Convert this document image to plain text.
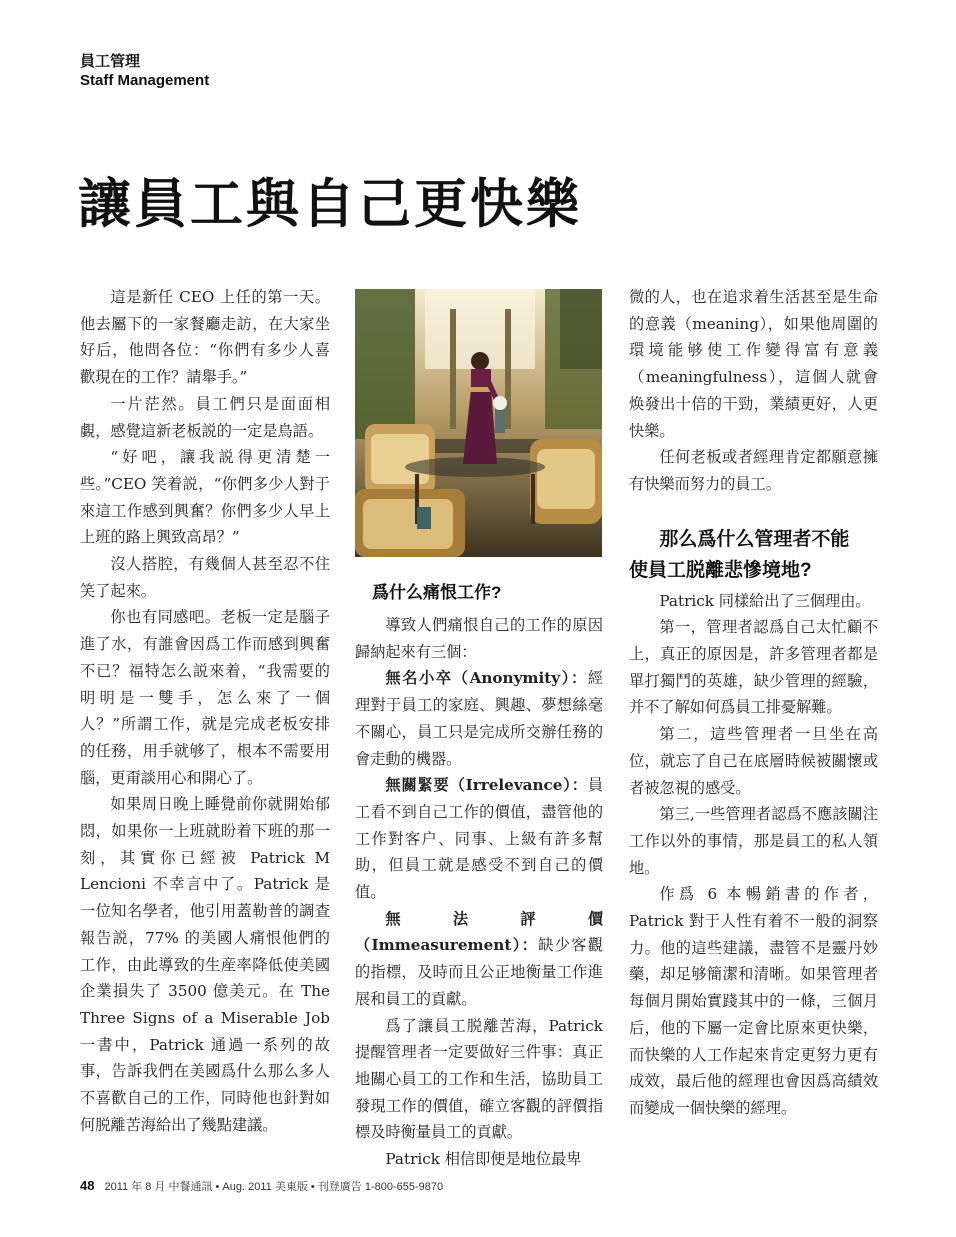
員工管理
Staff Management
讓員工與自己更快樂

這是新任 CEO 上任的第一天。他去屬下的一家餐廳走訪，在大家坐好后，他問各位：“你們有多少人喜歡現在的工作？請舉手。”

一片茫然。員工們只是面面相覷，感覺這新老板説的一定是鳥語。

“好吧，讓我説得更清楚一些。”CEO 笑着説，“你們多少人對于來這工作感到興奮？你們多少人早上上班的路上興致高昂？”

沒人搭腔，有幾個人甚至忍不住笑了起來。

你也有同感吧。老板一定是腦子進了水，有誰會因爲工作而感到興奮不已？福特怎么説來着，“我需要的明明是一雙手，怎么來了一個人？”所謂工作，就是完成老板安排的任務，用手就够了，根本不需要用腦，更甭談用心和開心了。

如果周日晚上睡覺前你就開始郁悶，如果你一上班就盼着下班的那一刻，其實你已經被 Patrick M Lencioni 不幸言中了。Patrick 是一位知名學者，他引用蓋勒普的調查報告説，77% 的美國人痛恨他們的工作，由此導致的生産率降低使美國企業損失了 3500 億美元。在 The Three Signs of a Miserable Job 一書中，Patrick 通過一系列的故事，告訴我們在美國爲什么那么多人不喜歡自己的工作，同時他也針對如何脱離苦海給出了幾點建議。

爲什么痛恨工作?

導致人們痛恨自己的工作的原因歸納起來有三個：

無名小卒（Anonymity）：經理對于員工的家庭、興趣、夢想絲毫不關心，員工只是完成所交辦任務的會走動的機器。

無關緊要（Irrelevance）：員工看不到自己工作的價值，盡管他的工作對客户、同事、上級有許多幫助，但員工就是感受不到自己的價值。

無法評價（Immeasurement）：缺少客觀的指標，及時而且公正地衡量工作進展和員工的貢獻。

爲了讓員工脱離苦海，Patrick 提醒管理者一定要做好三件事：真正地關心員工的工作和生活，協助員工發現工作的價值，確立客觀的評價指標及時衡量員工的貢獻。

Patrick 相信即便是地位最卑

微的人，也在追求着生活甚至是生命的意義（meaning），如果他周圍的環境能够使工作變得富有意義（meaningfulness），這個人就會焕發出十倍的干勁，業績更好，人更快樂。

任何老板或者經理肯定都願意擁有快樂而努力的員工。

那么爲什么管理者不能
使員工脱離悲慘境地?

Patrick 同樣給出了三個理由。

第一，管理者認爲自己太忙顧不上，真正的原因是，許多管理者都是單打獨鬥的英雄，缺少管理的經驗，并不了解如何爲員工排憂解難。

第二，這些管理者一旦坐在高位，就忘了自己在底層時候被關懷或者被忽視的感受。

第三,一些管理者認爲不應該關注工作以外的事情，那是員工的私人領地。

作爲 6 本暢銷書的作者，Patrick 對于人性有着不一般的洞察力。他的這些建議，盡管不是靈丹妙藥，却足够簡潔和清晰。如果管理者每個月開始實踐其中的一條，三個月后，他的下屬一定會比原來更快樂，而快樂的人工作起來肯定更努力更有成效，最后他的經理也會因爲高績效而變成一個快樂的經理。

48 2011 年 8 月 中餐通訊 • Aug. 2011 美東版 • 刊登廣告 1-800-655-9870
